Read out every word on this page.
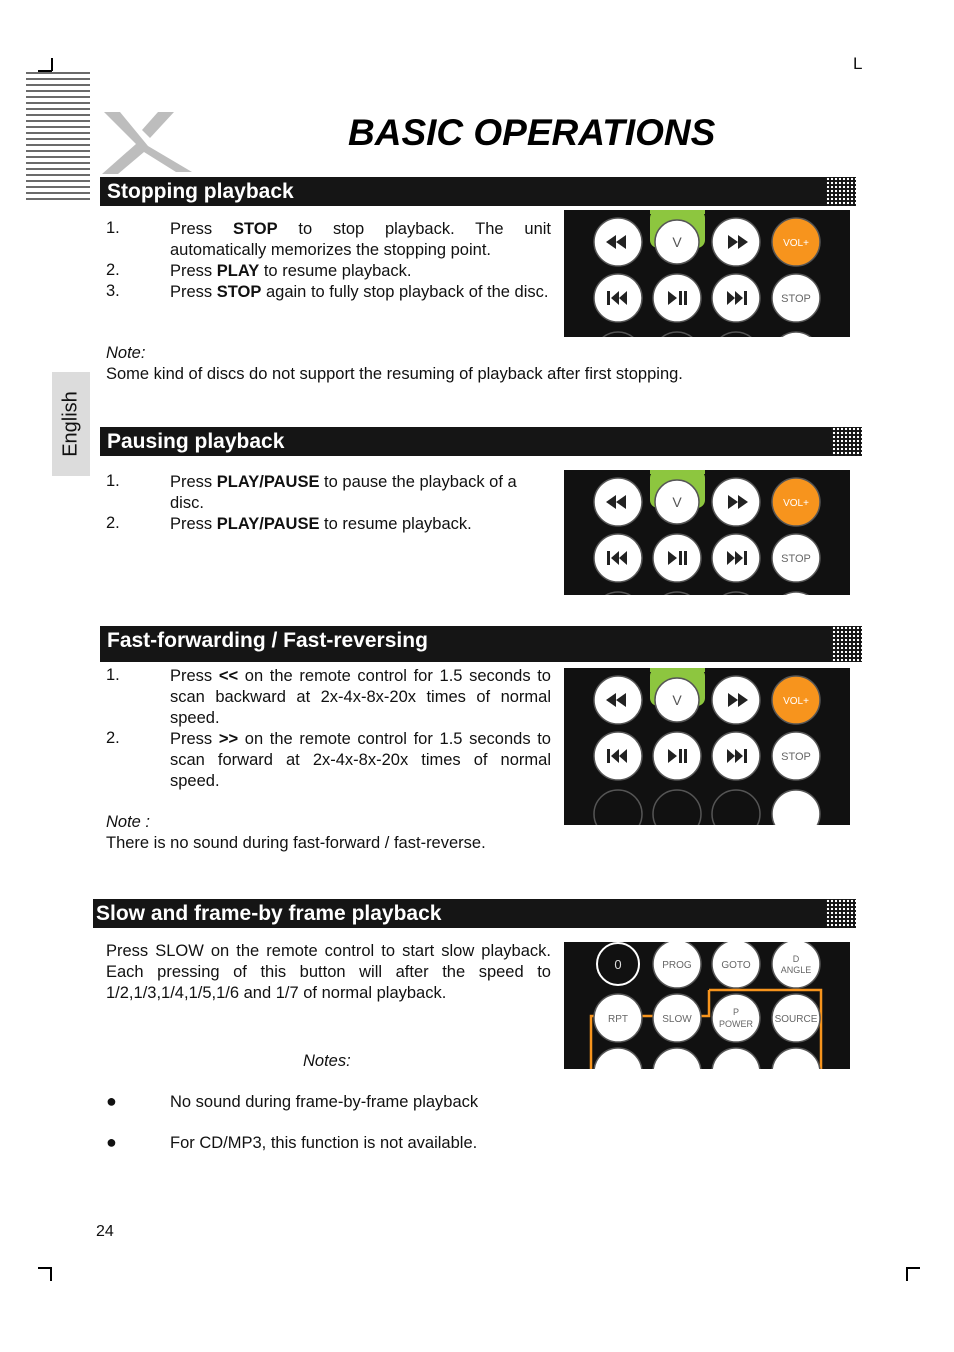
L
BASIC OPERATIONS
English
Stopping playback
1.	Press STOP to stop playback. The unit automatically memorizes the stopping point.
2.	Press PLAY to resume playback.
3.	Press STOP again to fully stop playback of the disc.
V	VOL+
STOP
Note:
Some kind of discs do not support the resuming of playback after first stopping.
Pausing playback
1.	Press PLAY/PAUSE to pause the playback of a disc.
2.	Press PLAY/PAUSE to resume playback.
V	VOL+
STOP
Fast-forwarding / Fast-reversing
1.	Press << on the remote control for 1.5 seconds to scan backward at 2x-4x-8x-20x times of normal speed.
2.	Press >> on the remote control for 1.5 seconds to scan forward at 2x-4x-8x-20x times of normal speed.
V	VOL+
STOP
Note :
There is no sound during fast-forward / fast-reverse.
Slow and frame-by frame playback
Press SLOW on the remote control to start slow playback. Each pressing of this button will after the speed to 1/2,1/3,1/4,1/5,1/6 and 1/7 of normal playback.
0	PROG	GOTO
D
ANGLE
RPT	SLOW
P
POWER SOURCE
Notes:
●	No sound during frame-by-frame playback
●	For CD/MP3, this function is not available.
24
